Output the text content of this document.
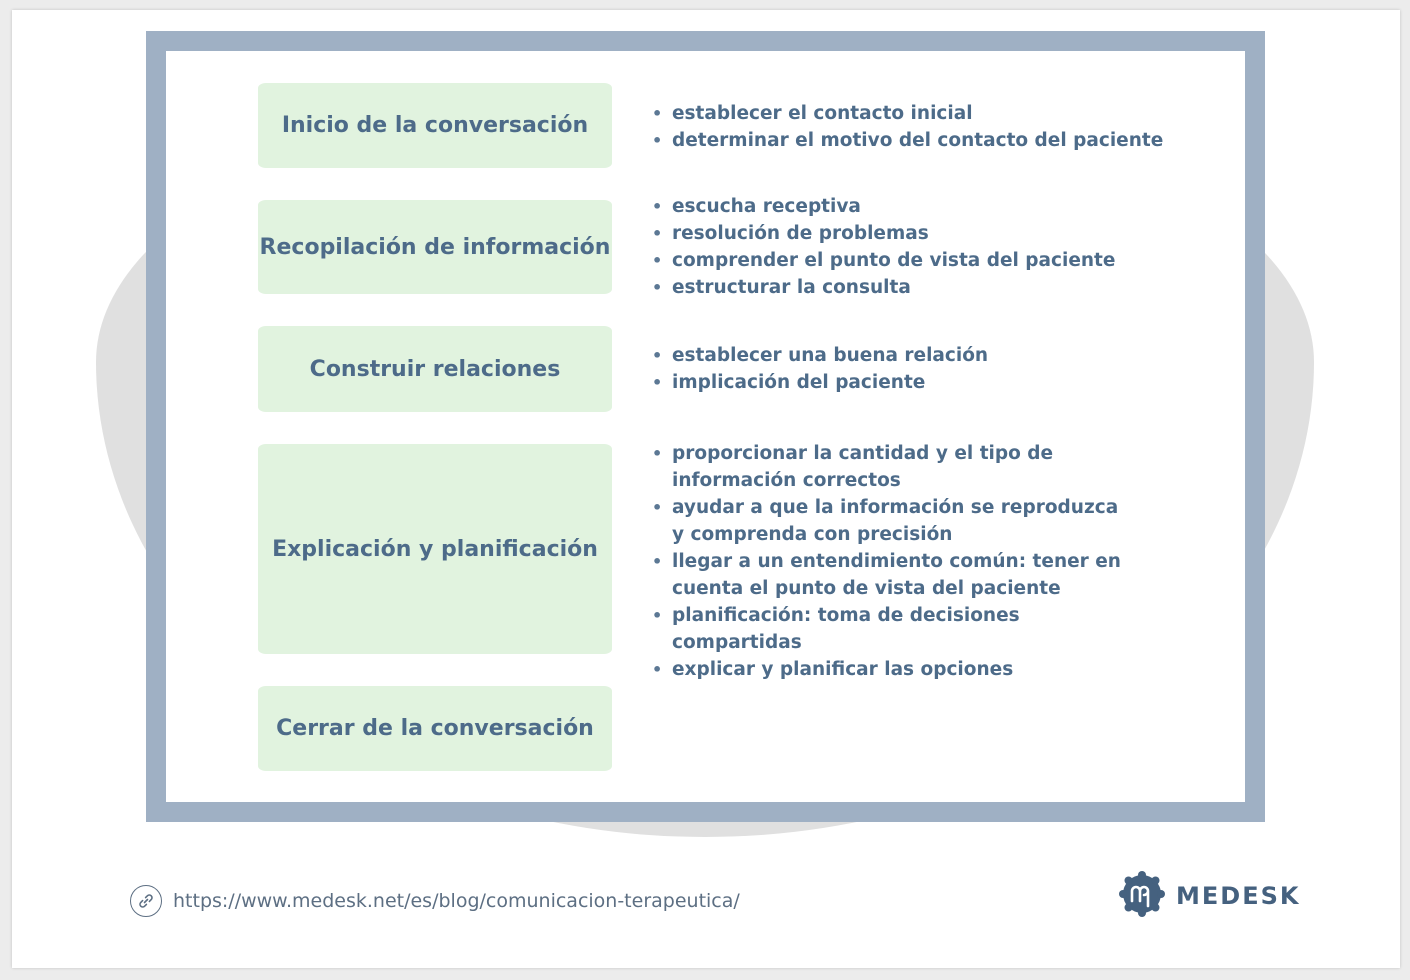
Inicio de la conversación
Recopilación de información
Construir relaciones
Explicación y planificación
Cerrar de la conversación
• establecer el contacto inicial
• determinar el motivo del contacto del paciente
• escucha receptiva
• resolución de problemas
• comprender el punto de vista del paciente
• estructurar la consulta
• establecer una buena relación
• implicación del paciente
• proporcionar la cantidad y el tipo de información correctos
• ayudar a que la información se reproduzca y comprenda con precisión
• llegar a un entendimiento común: tener en cuenta el punto de vista del paciente
• planificación: toma de decisiones compartidas
• explicar y planificar las opciones
https://www.medesk.net/es/blog/comunicacion-terapeutica/	MEDESK
